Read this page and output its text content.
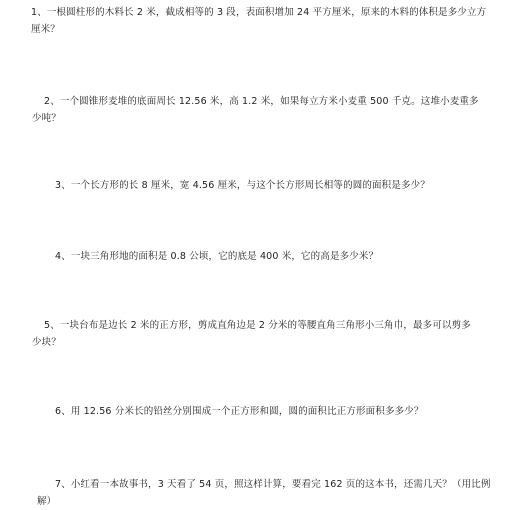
1、一根圆柱形的木料长 2 米，截成相等的 3 段，表面积增加 24 平方厘米，原来的木料的体积是多少立方
厘米？
2、一个圆锥形麦堆的底面周长 12.56 米，高 1.2 米，如果每立方米小麦重 500 千克。这堆小麦重多
少吨？
3、一个长方形的长 8 厘米，宽 4.56 厘米，与这个长方形周长相等的圆的面积是多少？
4、一块三角形地的面积是 0.8 公顷，它的底是 400 米，它的高是多少米？
5、一块台布是边长 2 米的正方形，剪成直角边是 2 分米的等腰直角三角形小三角巾，最多可以剪多
少块？
6、用 12.56 分米长的铅丝分别围成一个正方形和圆，圆的面积比正方形面积多多少？
7、小红看一本故事书，3 天看了 54 页，照这样计算，要看完 162 页的这本书，还需几天？（用比例
解）
